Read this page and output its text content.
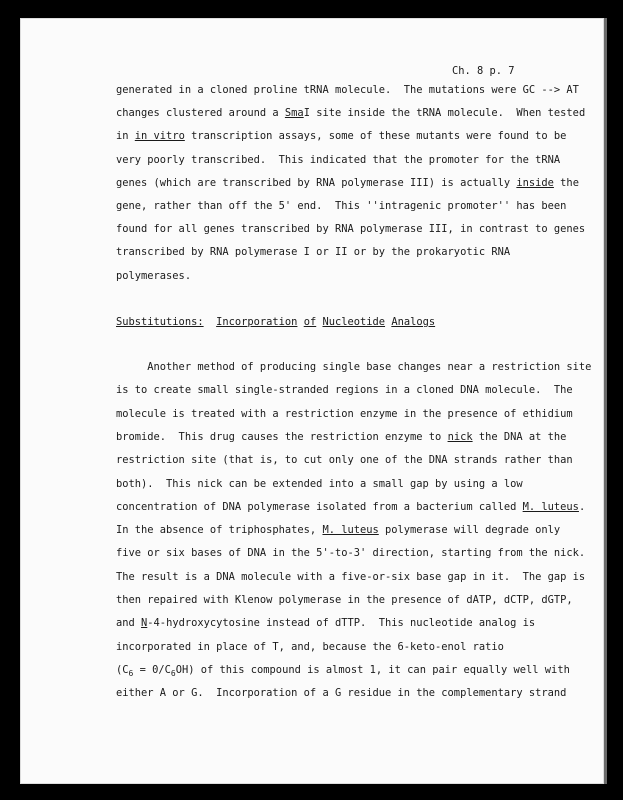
Ch. 8 p. 7
generated in a cloned proline tRNA molecule.  The mutations were GC --> AT
changes clustered around a SmaI site inside the tRNA molecule.  When tested
in in vitro transcription assays, some of these mutants were found to be
very poorly transcribed.  This indicated that the promoter for the tRNA
genes (which are transcribed by RNA polymerase III) is actually inside the
gene, rather than off the 5' end.  This ''intragenic promoter'' has been
found for all genes transcribed by RNA polymerase III, in contrast to genes
transcribed by RNA polymerase I or II or by the prokaryotic RNA
polymerases.
Substitutions: Incorporation of Nucleotide Analogs
Another method of producing single base changes near a restriction site
is to create small single-stranded regions in a cloned DNA molecule.  The
molecule is treated with a restriction enzyme in the presence of ethidium
bromide.  This drug causes the restriction enzyme to nick the DNA at the
restriction site (that is, to cut only one of the DNA strands rather than
both).  This nick can be extended into a small gap by using a low
concentration of DNA polymerase isolated from a bacterium called M. luteus.
In the absence of triphosphates, M. luteus polymerase will degrade only
five or six bases of DNA in the 5'-to-3' direction, starting from the nick.
The result is a DNA molecule with a five-or-six base gap in it.  The gap is
then repaired with Klenow polymerase in the presence of dATP, dCTP, dGTP,
and N-4-hydroxycytosine instead of dTTP.  This nucleotide analog is
incorporated in place of T, and, because the 6-keto-enol ratio
$(C_6 = 0/C_6OH)$ of this compound is almost 1, it can pair equally well with
either A or G.  Incorporation of a G residue in the complementary strand
